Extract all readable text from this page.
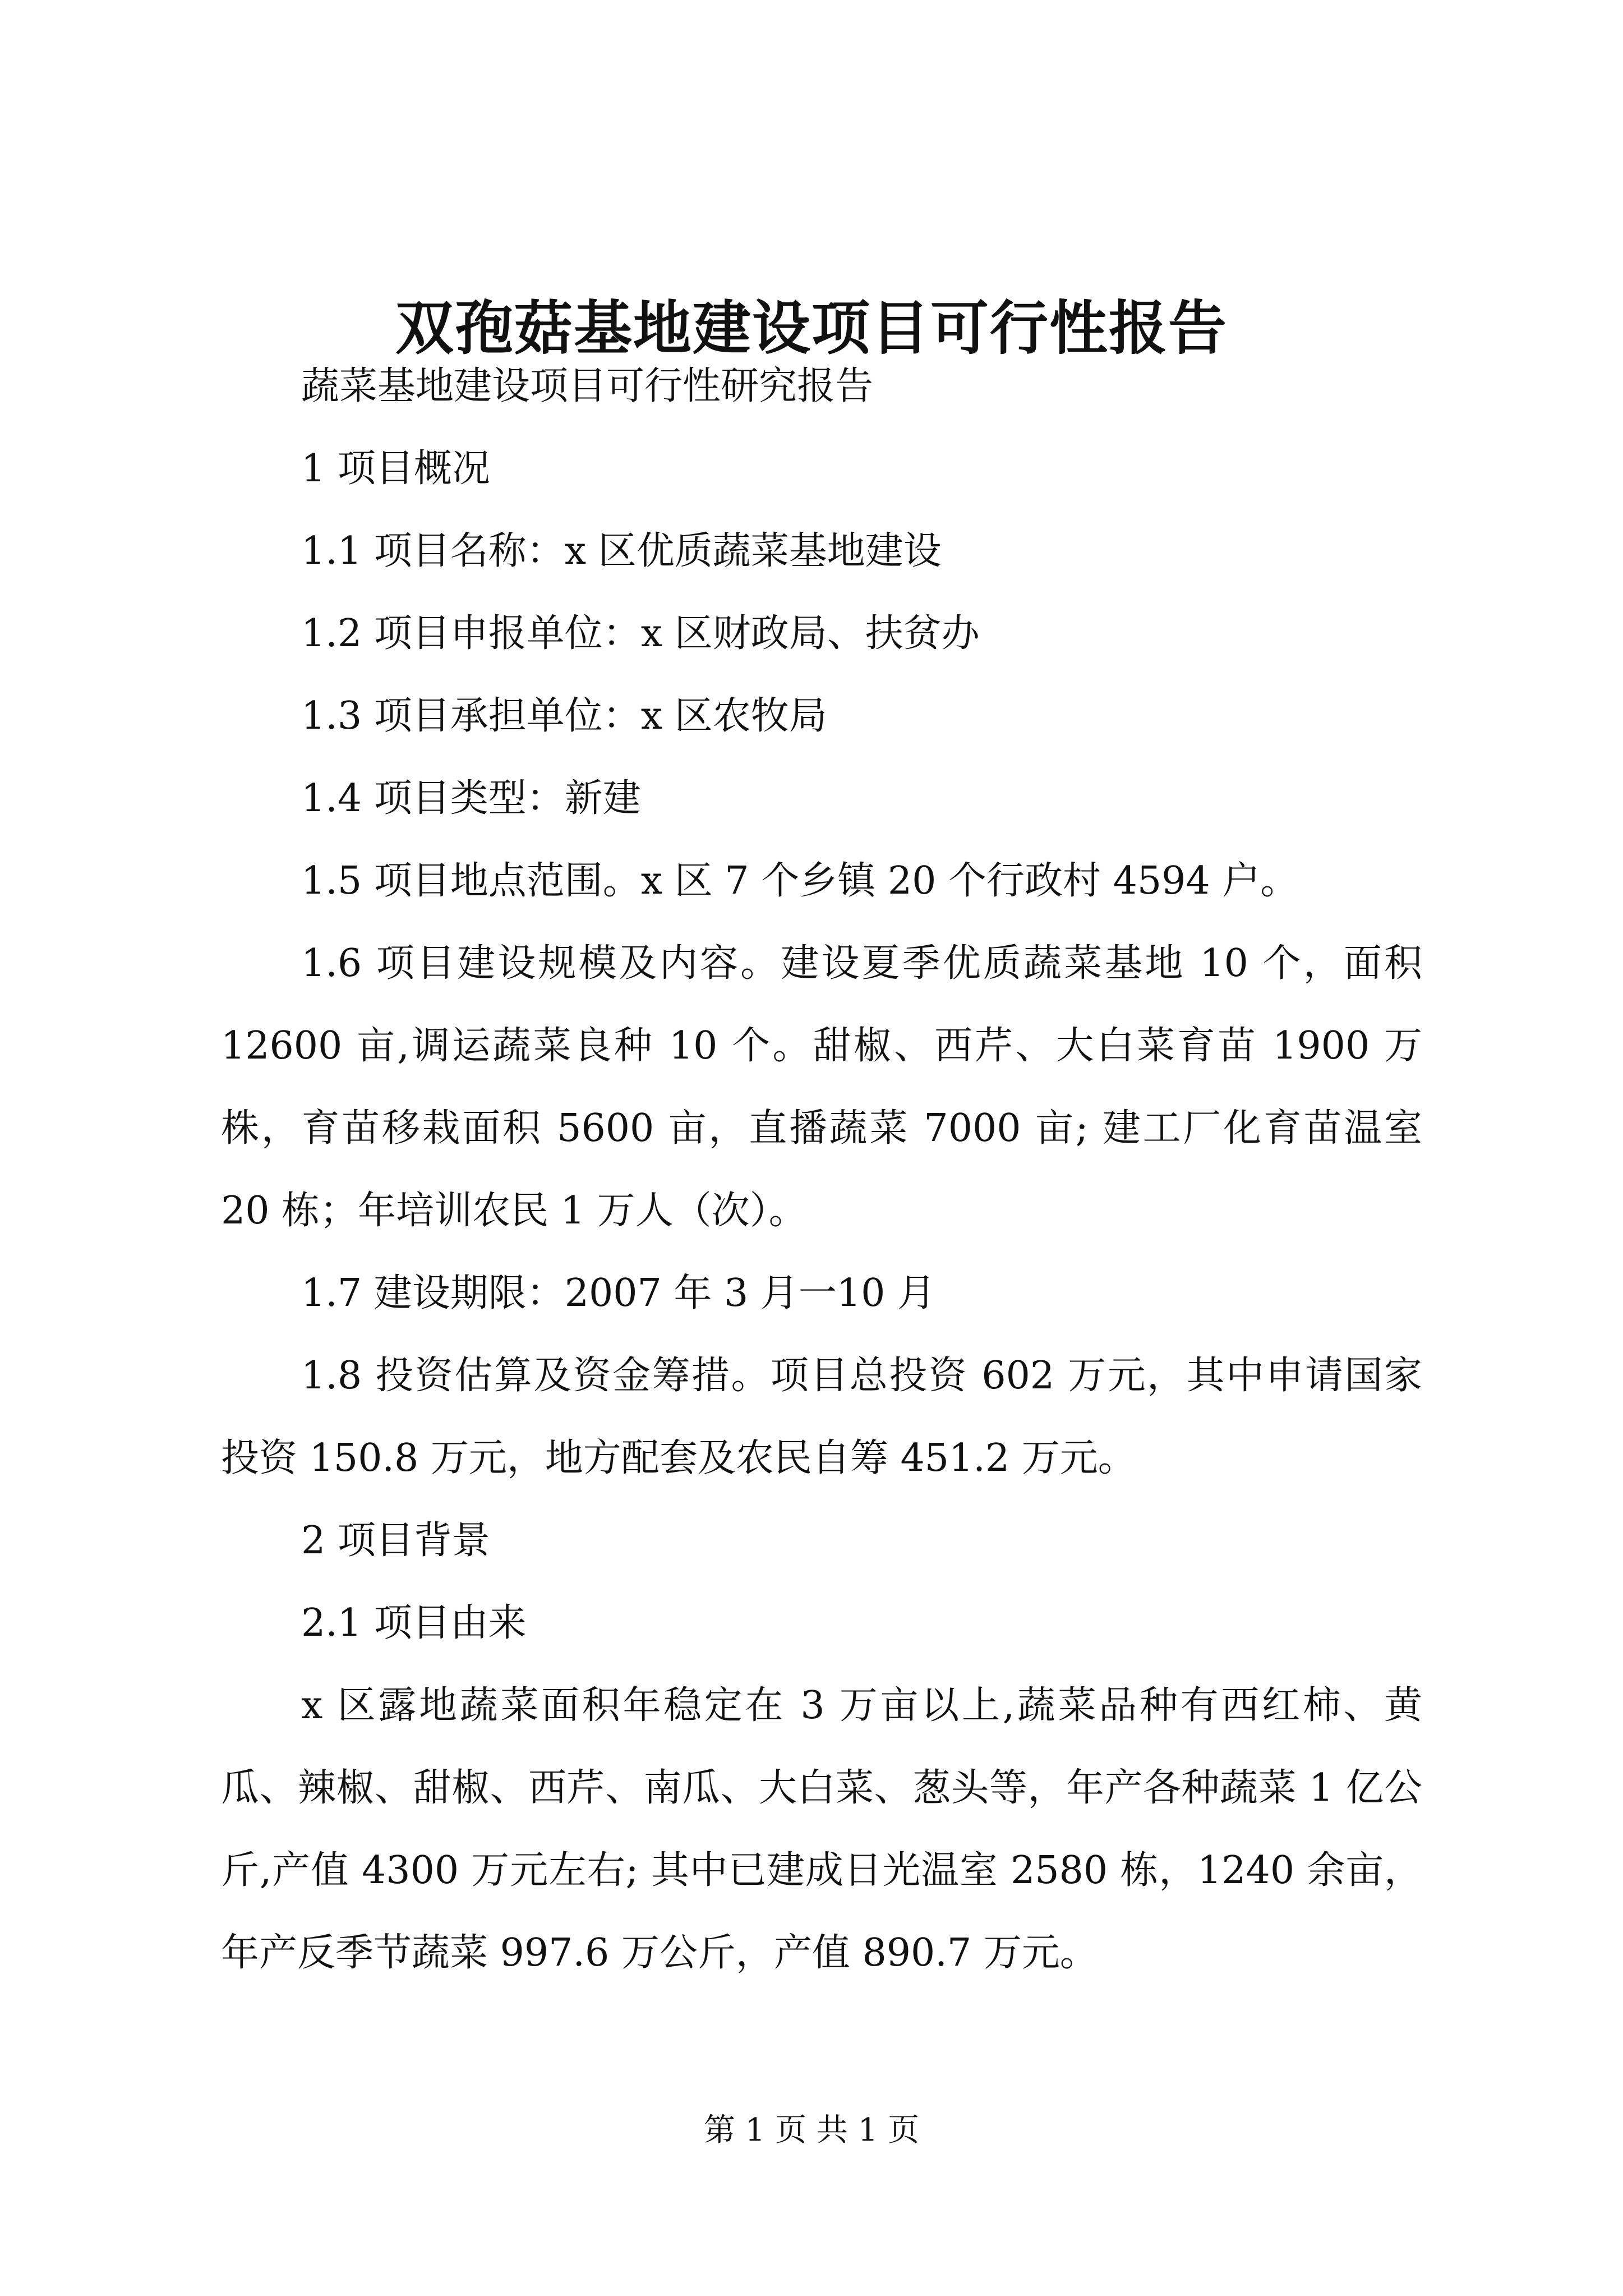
双孢菇基地建设项目可行性报告

蔬菜基地建设项目可行性研究报告

1 项目概况

1.1 项目名称：x 区优质蔬菜基地建设

1.2 项目申报单位：x 区财政局、扶贫办

1.3 项目承担单位：x 区农牧局

1.4 项目类型：新建

1.5 项目地点范围。x 区 7 个乡镇 20 个行政村 4594 户。

1.6 项目建设规模及内容。建设夏季优质蔬菜基地 10 个，面积 12600 亩,调运蔬菜良种 10 个。甜椒、西芹、大白菜育苗 1900 万株，育苗移栽面积 5600 亩，直播蔬菜 7000 亩; 建工厂化育苗温室 20 栋；年培训农民 1 万人（次）。

1.7 建设期限：2007 年 3 月一10 月

1.8 投资估算及资金筹措。项目总投资 602 万元，其中申请国家投资 150.8 万元，地方配套及农民自筹 451.2 万元。

2 项目背景

2.1 项目由来

x 区露地蔬菜面积年稳定在 3 万亩以上,蔬菜品种有西红柿、黄瓜、辣椒、甜椒、西芹、南瓜、大白菜、葱头等，年产各种蔬菜 1 亿公斤,产值 4300 万元左右; 其中已建成日光温室 2580 栋，1240 余亩，年产反季节蔬菜 997.6 万公斤，产值 890.7 万元。

第 1 页 共 1 页
